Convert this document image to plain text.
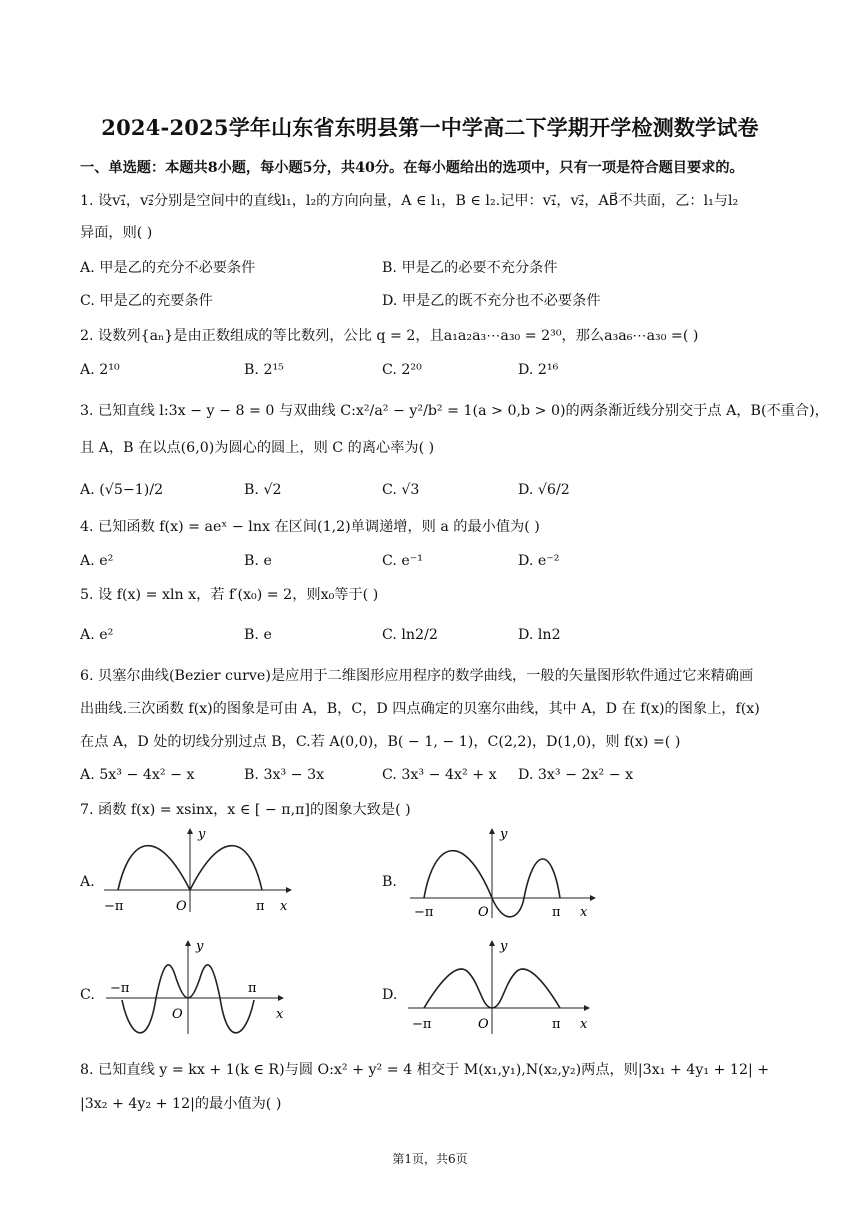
2024-2025学年山东省东明县第一中学高二下学期开学检测数学试卷
一、单选题：本题共8小题，每小题5分，共40分。在每小题给出的选项中，只有一项是符合题目要求的。
1. 设v₁⃗，v₂⃗分别是空间中的直线l₁，l₂的方向向量，A ∈ l₁，B ∈ l₂.记甲：v₁⃗，v₂⃗，AB⃗不共面，乙：l₁与l₂
异面，则( )
A. 甲是乙的充分不必要条件	B. 甲是乙的必要不充分条件
C. 甲是乙的充要条件	D. 甲是乙的既不充分也不必要条件
2. 设数列{aₙ}是由正数组成的等比数列，公比 q = 2，且a₁a₂a₃⋯a₃₀ = 2³⁰，那么a₃a₆⋯a₃₀ =( )
A. 2¹⁰	B. 2¹⁵	C. 2²⁰	D. 2¹⁶
3. 已知直线 l:3x − y − 8 = 0 与双曲线 C:x²/a² − y²/b² = 1(a > 0,b > 0)的两条渐近线分别交于点 A，B(不重合)，
且 A，B 在以点(6,0)为圆心的圆上，则 C 的离心率为( )
A. (√5−1)/2	B. √2	C. √3	D. √6/2
4. 已知函数 f(x) = aeˣ − lnx 在区间(1,2)单调递增，则 a 的最小值为( )
A. e²	B. e	C. e⁻¹	D. e⁻²
5. 设 f(x) = xln x，若 f′(x₀) = 2，则x₀等于( )
A. e²	B. e	C. ln2/2	D. ln2
6. 贝塞尔曲线(Bezier curve)是应用于二维图形应用程序的数学曲线，一般的矢量图形软件通过它来精确画
出曲线.三次函数 f(x)的图象是可由 A，B，C，D 四点确定的贝塞尔曲线，其中 A，D 在 f(x)的图象上，f(x)
在点 A，D 处的切线分别过点 B，C.若 A(0,0)，B( − 1, − 1)，C(2,2)，D(1,0)，则 f(x) =( )
A. 5x³ − 4x² − x	B. 3x³ − 3x	C. 3x³ − 4x² + x D. 3x³ − 2x² − x
7. 函数 f(x) = xsinx，x ∈ [ − π,π]的图象大致是( )
A.
y
x
O
−π	π
B.
y
x
O
−π	π
C.
y
x
O
−π	π	D.
y
x
O
−π	π
8. 已知直线 y = kx + 1(k ∈ R)与圆 O:x² + y² = 4 相交于 M(x₁,y₁),N(x₂,y₂)两点，则|3x₁ + 4y₁ + 12| +
|3x₂ + 4y₂ + 12|的最小值为( )
第1页，共6页
